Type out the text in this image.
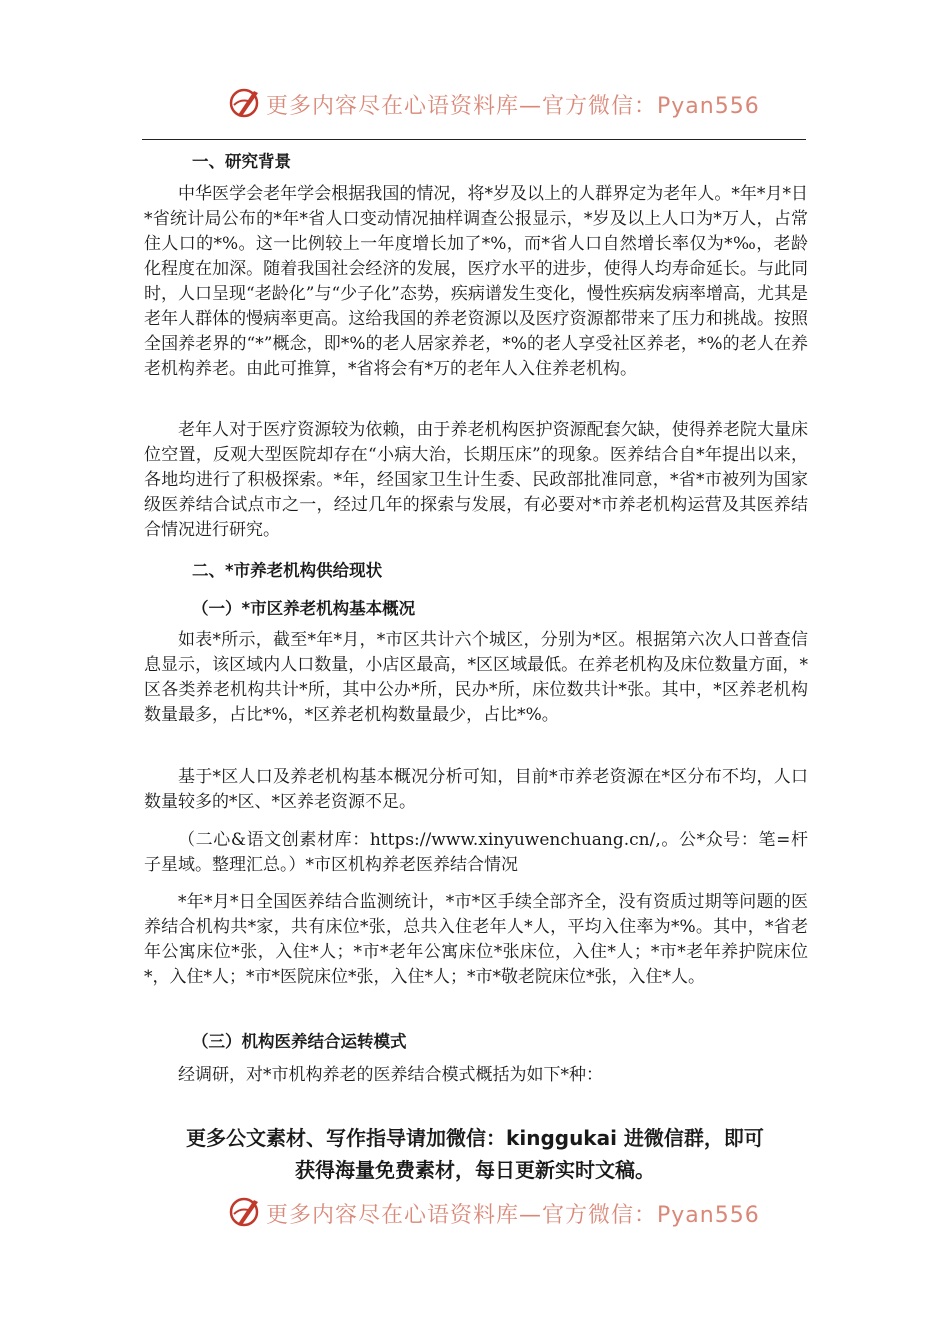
更多内容尽在心语资料库—官方微信：Pyan556
一、研究背景
中华医学会老年学会根据我国的情况，将*岁及以上的人群界定为老年人。*年*月*日*省统计局公布的*年*省人口变动情况抽样调查公报显示，*岁及以上人口为*万人，占常住人口的*%。这一比例较上一年度增长加了*%，而*省人口自然增长率仅为*‰，老龄化程度在加深。随着我国社会经济的发展，医疗水平的进步，使得人均寿命延长。与此同时，人口呈现“老龄化”与“少子化”态势，疾病谱发生变化，慢性疾病发病率增高，尤其是老年人群体的慢病率更高。这给我国的养老资源以及医疗资源都带来了压力和挑战。按照全国养老界的“*”概念，即*%的老人居家养老，*%的老人享受社区养老，*%的老人在养老机构养老。由此可推算，*省将会有*万的老年人入住养老机构。
老年人对于医疗资源较为依赖，由于养老机构医护资源配套欠缺，使得养老院大量床位空置，反观大型医院却存在“小病大治，长期压床”的现象。医养结合自*年提出以来，各地均进行了积极探索。*年，经国家卫生计生委、民政部批准同意，*省*市被列为国家级医养结合试点市之一，经过几年的探索与发展，有必要对*市养老机构运营及其医养结合情况进行研究。
二、*市养老机构供给现状
（一）*市区养老机构基本概况
如表*所示，截至*年*月，*市区共计六个城区，分别为*区。根据第六次人口普查信息显示，该区域内人口数量，小店区最高，*区区域最低。在养老机构及床位数量方面，*区各类养老机构共计*所，其中公办*所，民办*所，床位数共计*张。其中，*区养老机构数量最多，占比*%，*区养老机构数量最少，占比*%。
基于*区人口及养老机构基本概况分析可知，目前*市养老资源在*区分布不均，人口数量较多的*区、*区养老资源不足。
（二心&语文创素材库：https://www.xinyuwenchuang.cn/,。公*众号：笔=杆子星域。整理汇总。）*市区机构养老医养结合情况
*年*月*日全国医养结合监测统计，*市*区手续全部齐全，没有资质过期等问题的医养结合机构共*家，共有床位*张，总共入住老年人*人，平均入住率为*%。其中，*省老年公寓床位*张，入住*人；*市*老年公寓床位*张床位，入住*人；*市*老年养护院床位*，入住*人；*市*医院床位*张，入住*人；*市*敬老院床位*张，入住*人。
（三）机构医养结合运转模式
经调研，对*市机构养老的医养结合模式概括为如下*种：
更多公文素材、写作指导请加微信：kinggukai 进微信群，即可
获得海量免费素材，每日更新实时文稿。
更多内容尽在心语资料库—官方微信：Pyan556
